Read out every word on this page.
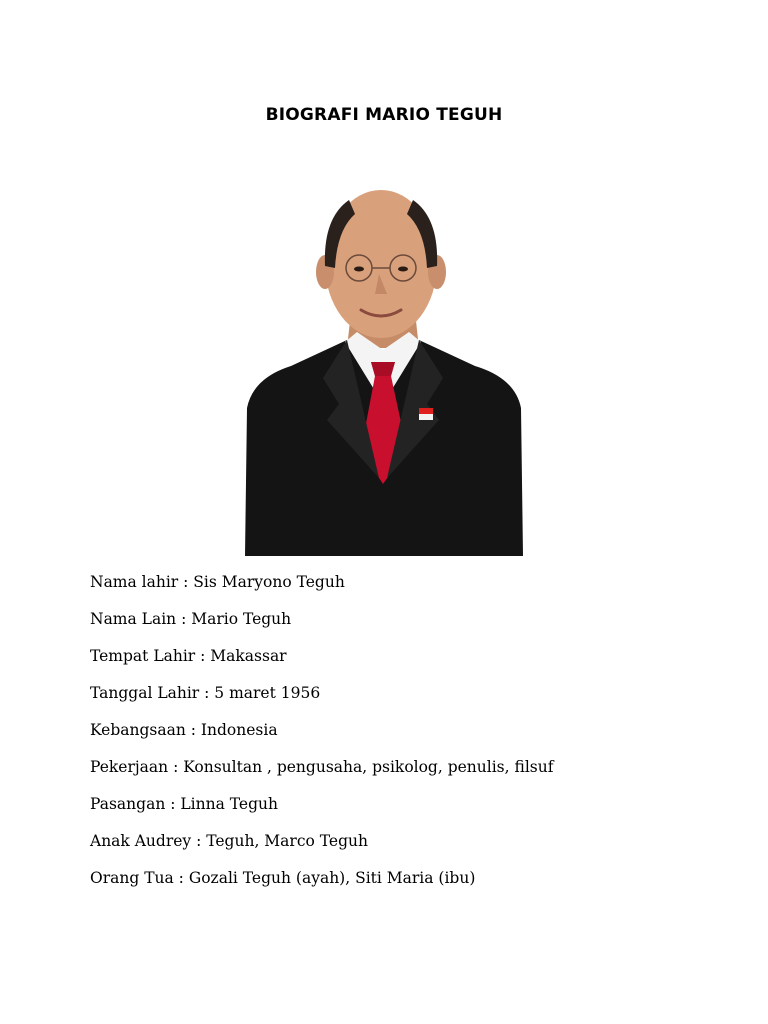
BIOGRAFI MARIO TEGUH
Nama lahir : Sis Maryono Teguh
Nama Lain : Mario Teguh
Tempat Lahir : Makassar
Tanggal Lahir : 5 maret 1956
Kebangsaan : Indonesia
Pekerjaan : Konsultan , pengusaha, psikolog, penulis, filsuf
Pasangan : Linna Teguh
Anak Audrey : Teguh, Marco Teguh
Orang Tua : Gozali Teguh (ayah), Siti Maria (ibu)
